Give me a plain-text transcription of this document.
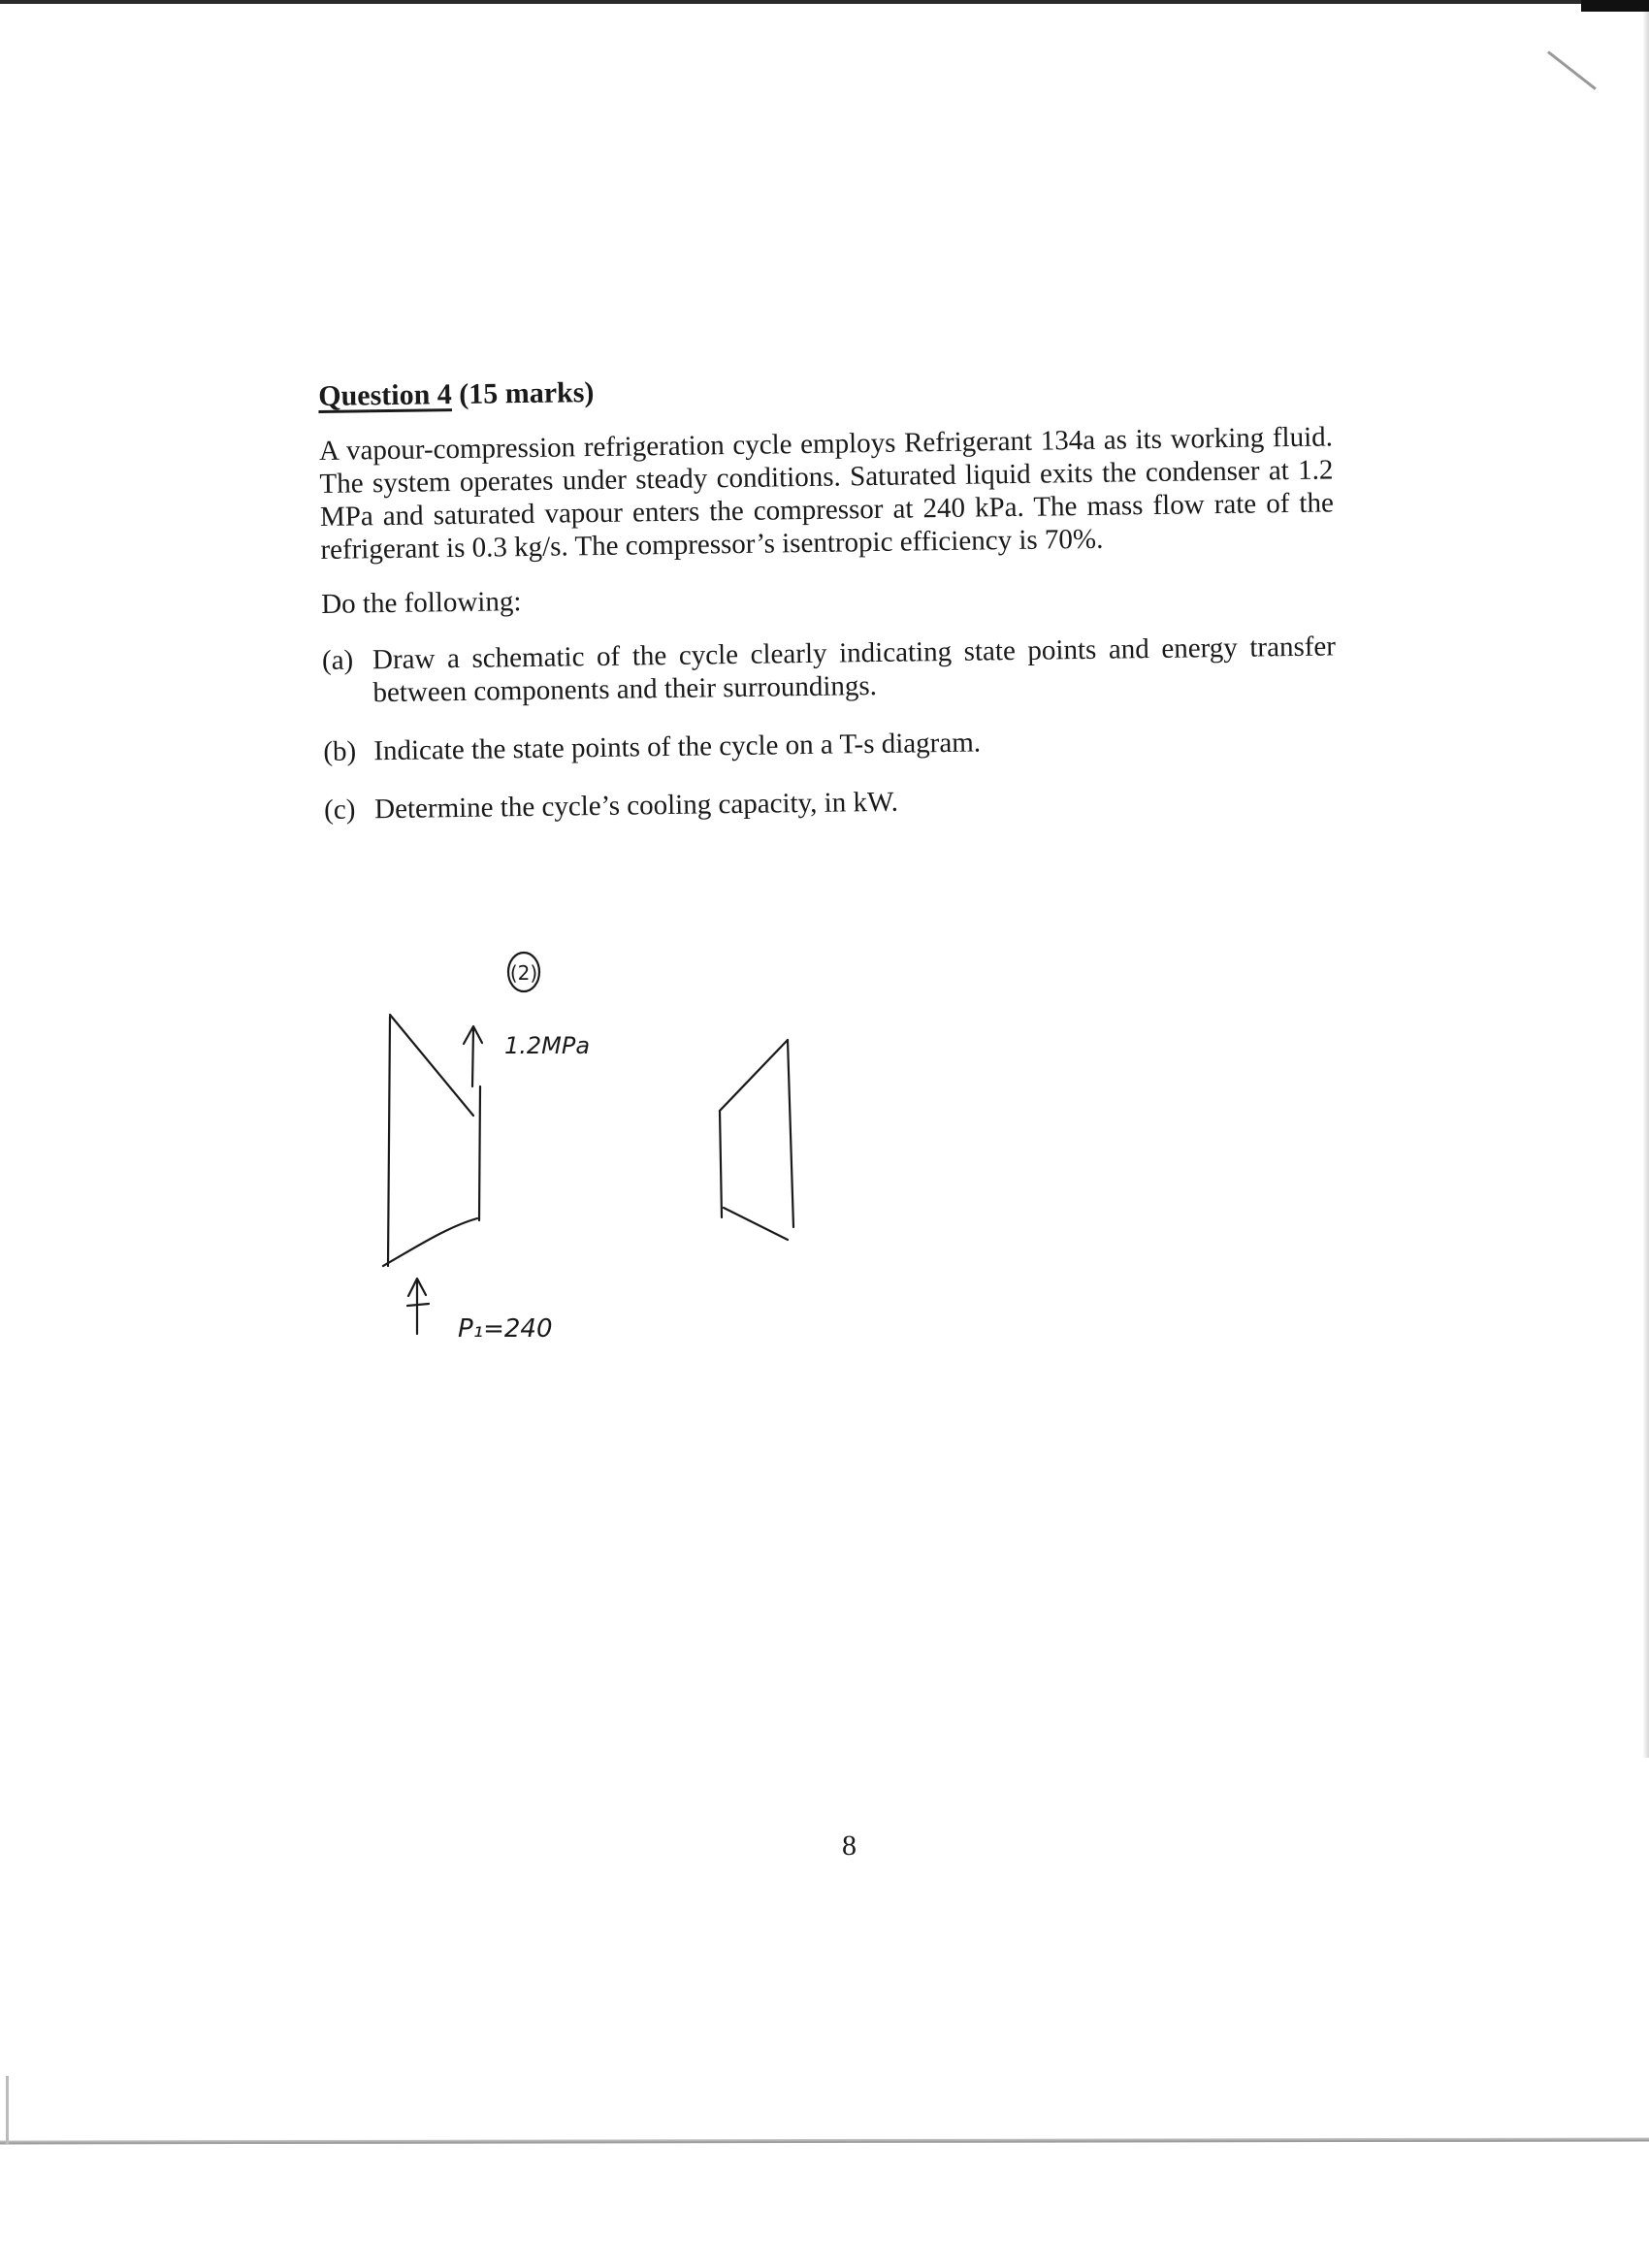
Question 4 (15 marks)

A vapour-compression refrigeration cycle employs Refrigerant 134a as its working fluid. The system operates under steady conditions. Saturated liquid exits the condenser at 1.2 MPa and saturated vapour enters the compressor at 240 kPa. The mass flow rate of the refrigerant is 0.3 kg/s. The compressor’s isentropic efficiency is 70%.

Do the following:

(a) Draw a schematic of the cycle clearly indicating state points and energy transfer between components and their surroundings.
(b) Indicate the state points of the cycle on a T-s diagram.
(c) Determine the cycle’s cooling capacity, in kW.
(2)
1.2MPa
P₁=240
8
